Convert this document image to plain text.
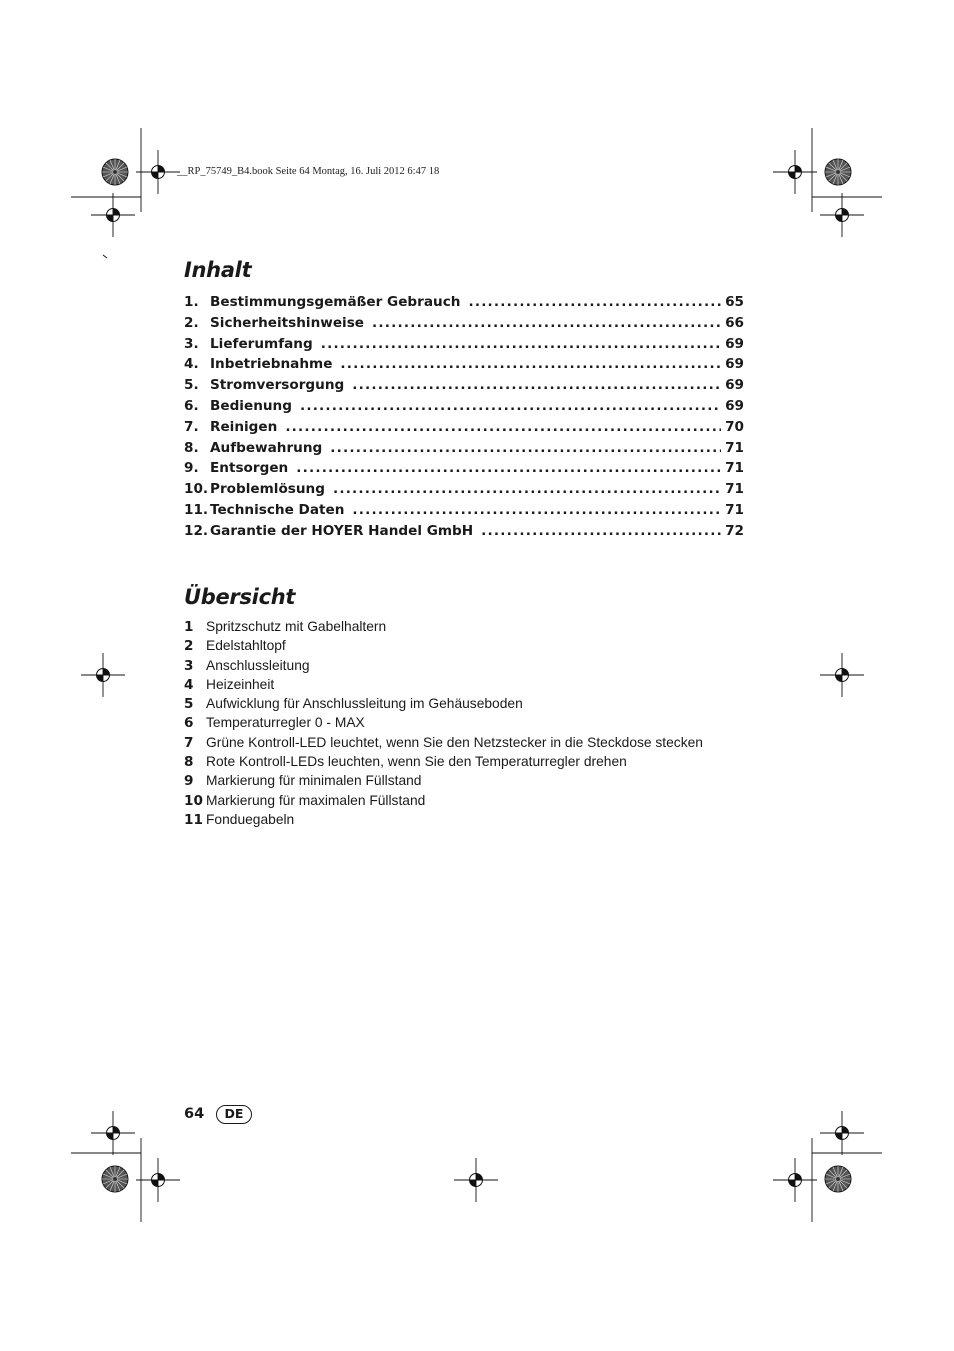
__RP_75749_B4.book Seite 64 Montag, 16. Juli 2012 6:47 18
Inhalt
1. Bestimmungsgemäßer Gebrauch .....	65
2. Sicherheitshinweise .....	66
3. Lieferumfang .....	69
4. Inbetriebnahme .....	69
5. Stromversorgung .....	69
6. Bedienung .....	69
7. Reinigen .....	70
8. Aufbewahrung .....	71
9. Entsorgen .....	71
10. Problemlösung .....	71
11. Technische Daten .....	71
12. Garantie der HOYER Handel GmbH .....	72
Übersicht
1 Spritzschutz mit Gabelhaltern
2 Edelstahltopf
3 Anschlussleitung
4 Heizeinheit
5 Aufwicklung für Anschlussleitung im Gehäuseboden
6 Temperaturregler 0 - MAX
7 Grüne Kontroll-LED leuchtet, wenn Sie den Netzstecker in die Steckdose stecken
8 Rote Kontroll-LEDs leuchten, wenn Sie den Temperaturregler drehen
9 Markierung für minimalen Füllstand
10 Markierung für maximalen Füllstand
11 Fonduegabeln
64	DE
